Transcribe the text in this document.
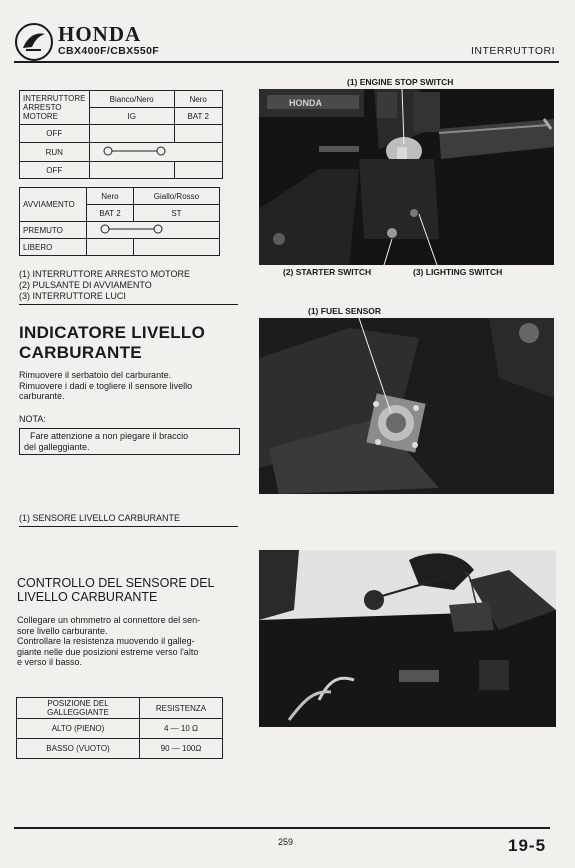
HONDA
CBX400F/CBX550F	INTERRUTTORI
INTERRUTTORE ARRESTO MOTORE	Bianco/Nero	Nero
	IG	BAT 2
OFF		
RUN	
OFF		
AVVIAMENTO	Nero	Giallo/Rosso
	BAT 2	ST
PREMUTO	
LIBERO		
(1) INTERRUTTORE ARRESTO MOTORE
(2) PULSANTE DI AVVIAMENTO
(3) INTERRUTTORE LUCI
(1) ENGINE STOP SWITCH
HONDA
(2) STARTER SWITCH	(3) LIGHTING SWITCH
INDICATORE LIVELLO
CARBURANTE
Rimuovere il serbatoio del carburante.
Rimuovere i dadi e togliere il sensore livello
carburante.
NOTA:
Fare attenzione a non piegare il braccio
del galleggiante.
(1) FUEL SENSOR
(1) SENSORE LIVELLO CARBURANTE
CONTROLLO DEL SENSORE DEL
LIVELLO CARBURANTE
Collegare un ohmmetro al connettore del sen-
sore livello carburante.
Controllare la resistenza muovendo il galleg-
giante nelle due posizioni estreme verso l'alto
e verso il basso.
POSIZIONE DEL GALLEGGIANTE	RESISTENZA
ALTO (PIENO)	4 — 10 Ω
BASSO (VUOTO)	90 — 100Ω
259	19-5
